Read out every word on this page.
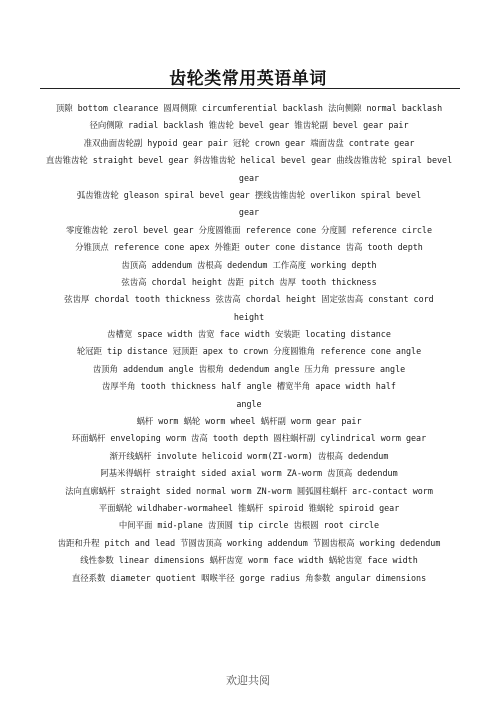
齿轮类常用英语单词
顶隙 bottom clearance 圆周侧隙 circumferential backlash 法向侧隙 normal backlash
径向侧隙 radial backlash 锥齿轮 bevel gear 锥齿轮副 bevel gear pair
准双曲面齿轮副 hypoid gear pair 冠轮 crown gear 端面齿盘 contrate gear
直齿锥齿轮 straight bevel gear 斜齿锥齿轮 helical bevel gear 曲线齿锥齿轮 spiral bevel
gear
弧齿锥齿轮 gleason spiral bevel gear 摆线齿锥齿轮 overlikon spiral bevel
gear
零度锥齿轮 zerol bevel gear 分度圆锥面 reference cone 分度圆 reference circle
分锥顶点 reference cone apex 外锥距 outer cone distance 齿高 tooth depth
齿顶高 addendum 齿根高 dedendum 工作高度 working depth
弦齿高 chordal height 齿距 pitch 齿厚 tooth thickness
弦齿厚 chordal tooth thickness 弦齿高 chordal height 固定弦齿高 constant cord
height
齿槽宽 space width 齿宽 face width 安装距 locating distance
轮冠距 tip distance 冠顶距 apex to crown 分度圆锥角 reference cone angle
齿顶角 addendum angle 齿根角 dedendum angle 压力角 pressure angle
齿厚半角 tooth thickness half angle 槽宽半角 apace width half
angle
蜗杆 worm 蜗轮 worm wheel 蜗杆副 worm gear pair
环面蜗杆 enveloping worm 齿高 tooth depth 圆柱蜗杆副 cylindrical worm gear
渐开线蜗杆 involute helicoid worm(ZI-worm) 齿根高 dedendum
阿基米得蜗杆 straight sided axial worm ZA-worm 齿顶高 dedendum
法向直廓蜗杆 straight sided normal worm ZN-worm 圆弧圆柱蜗杆 arc-contact worm
平面蜗轮 wildhaber-wormaheel 锥蜗杆 spiroid 锥蜗轮 spiroid gear
中间平面 mid-plane 齿顶圆 tip circle 齿根圆 root circle
齿距和升程 pitch and lead 节圆齿顶高 working addendum 节圆齿根高 working dedendum
线性参数 linear dimensions 蜗杆齿宽 worm face width 蜗轮齿宽 face width
直径系数 diameter quotient 咽喉半径 gorge radius 角参数 angular dimensions
欢迎共阅
